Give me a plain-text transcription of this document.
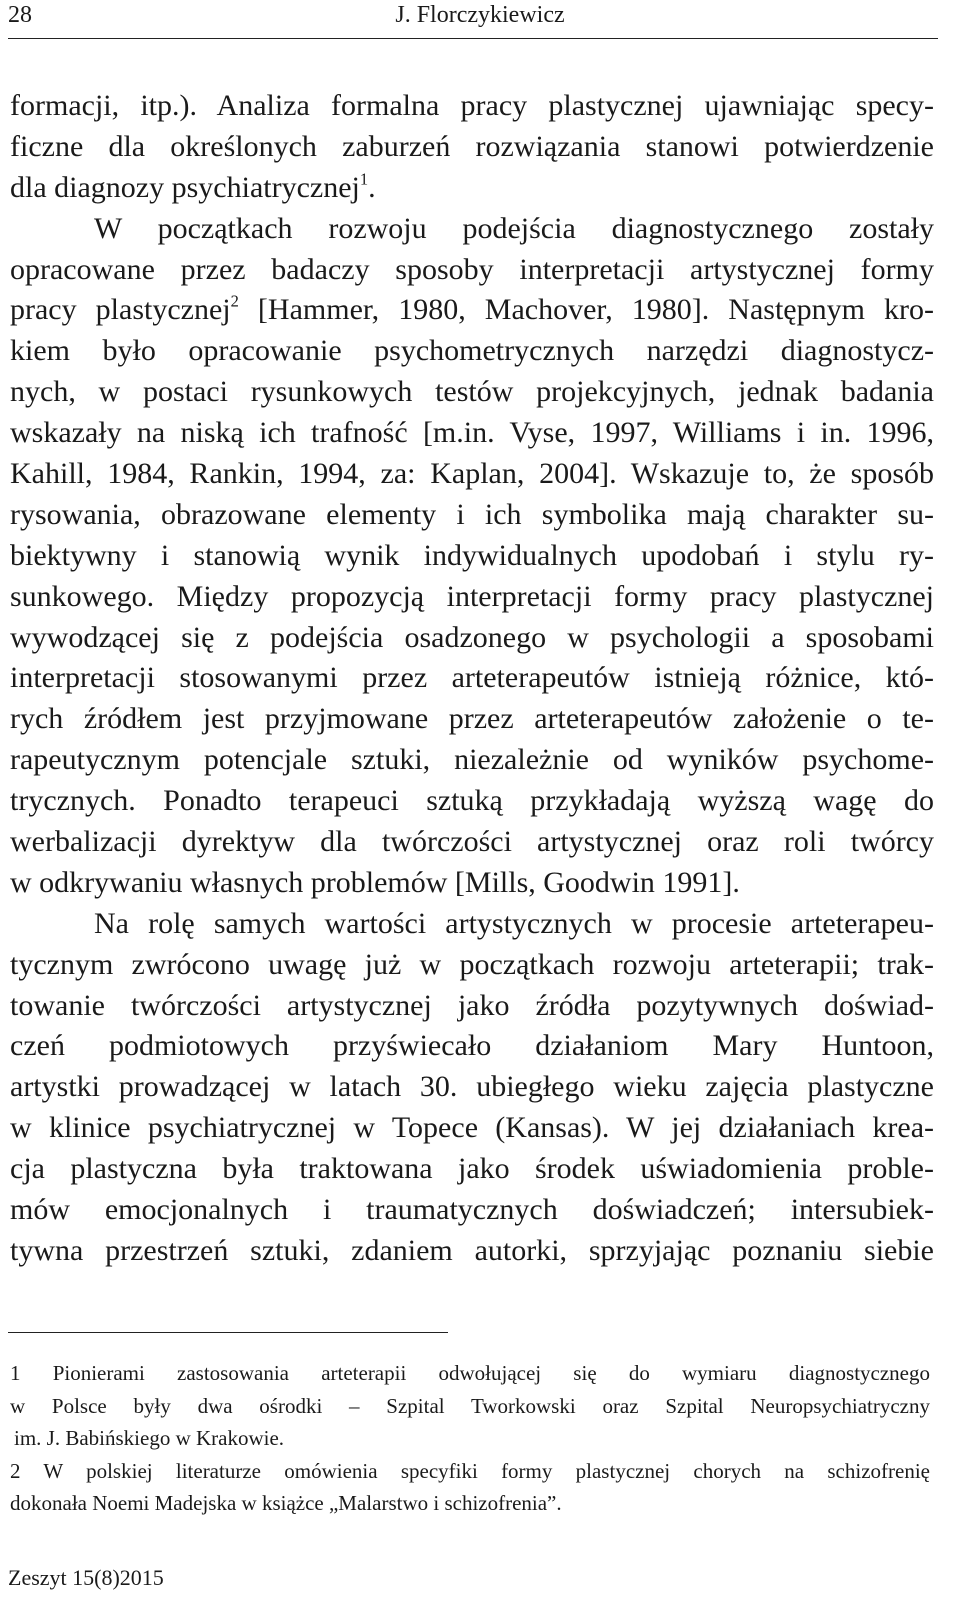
28	J. Florczykiewicz
formacji, itp.). Analiza formalna pracy plastycznej ujawniając specy-
ficzne dla określonych zaburzeń rozwiązania stanowi potwierdzenie
dla diagnozy psychiatrycznej$^1$.
W początkach rozwoju podejścia diagnostycznego zostały
opracowane przez badaczy sposoby interpretacji artystycznej formy
pracy plastycznej$^2$ [Hammer, 1980, Machover, 1980]. Następnym kro-
kiem było opracowanie psychometrycznych narzędzi diagnostycz-
nych, w postaci rysunkowych testów projekcyjnych, jednak badania
wskazały na niską ich trafność [m.in. Vyse, 1997, Williams i in. 1996,
Kahill, 1984, Rankin, 1994, za: Kaplan, 2004]. Wskazuje to, że sposób
rysowania, obrazowane elementy i ich symbolika mają charakter su-
biektywny i stanowią wynik indywidualnych upodobań i stylu ry-
sunkowego. Między propozycją interpretacji formy pracy plastycznej
wywodzącej się z podejścia osadzonego w psychologii a sposobami
interpretacji stosowanymi przez arteterapeutów istnieją różnice, któ-
rych źródłem jest przyjmowane przez arteterapeutów założenie o te-
rapeutycznym potencjale sztuki, niezależnie od wyników psychome-
trycznych. Ponadto terapeuci sztuką przykładają wyższą wagę do
werbalizacji dyrektyw dla twórczości artystycznej oraz roli twórcy
w odkrywaniu własnych problemów [Mills, Goodwin 1991].
Na rolę samych wartości artystycznych w procesie arteterapeu-
tycznym zwrócono uwagę już w początkach rozwoju arteterapii; trak-
towanie twórczości artystycznej jako źródła pozytywnych doświad-
czeń podmiotowych przyświecało działaniom Mary Huntoon,
artystki prowadzącej w latach 30. ubiegłego wieku zajęcia plastyczne
w klinice psychiatrycznej w Topece (Kansas). W jej działaniach krea-
cja plastyczna była traktowana jako środek uświadomienia proble-
mów emocjonalnych i traumatycznych doświadczeń; intersubiek-
tywna przestrzeń sztuki, zdaniem autorki, sprzyjając poznaniu siebie
1 Pionierami zastosowania arteterapii odwołującej się do wymiaru diagnostycznego
w Polsce były dwa ośrodki – Szpital Tworkowski oraz Szpital Neuropsychiatryczny
im. J. Babińskiego w Krakowie.
2 W polskiej literaturze omówienia specyfiki formy plastycznej chorych na schizofrenię
dokonała Noemi Madejska w książce „Malarstwo i schizofrenia”.
Zeszyt 15(8)2015
